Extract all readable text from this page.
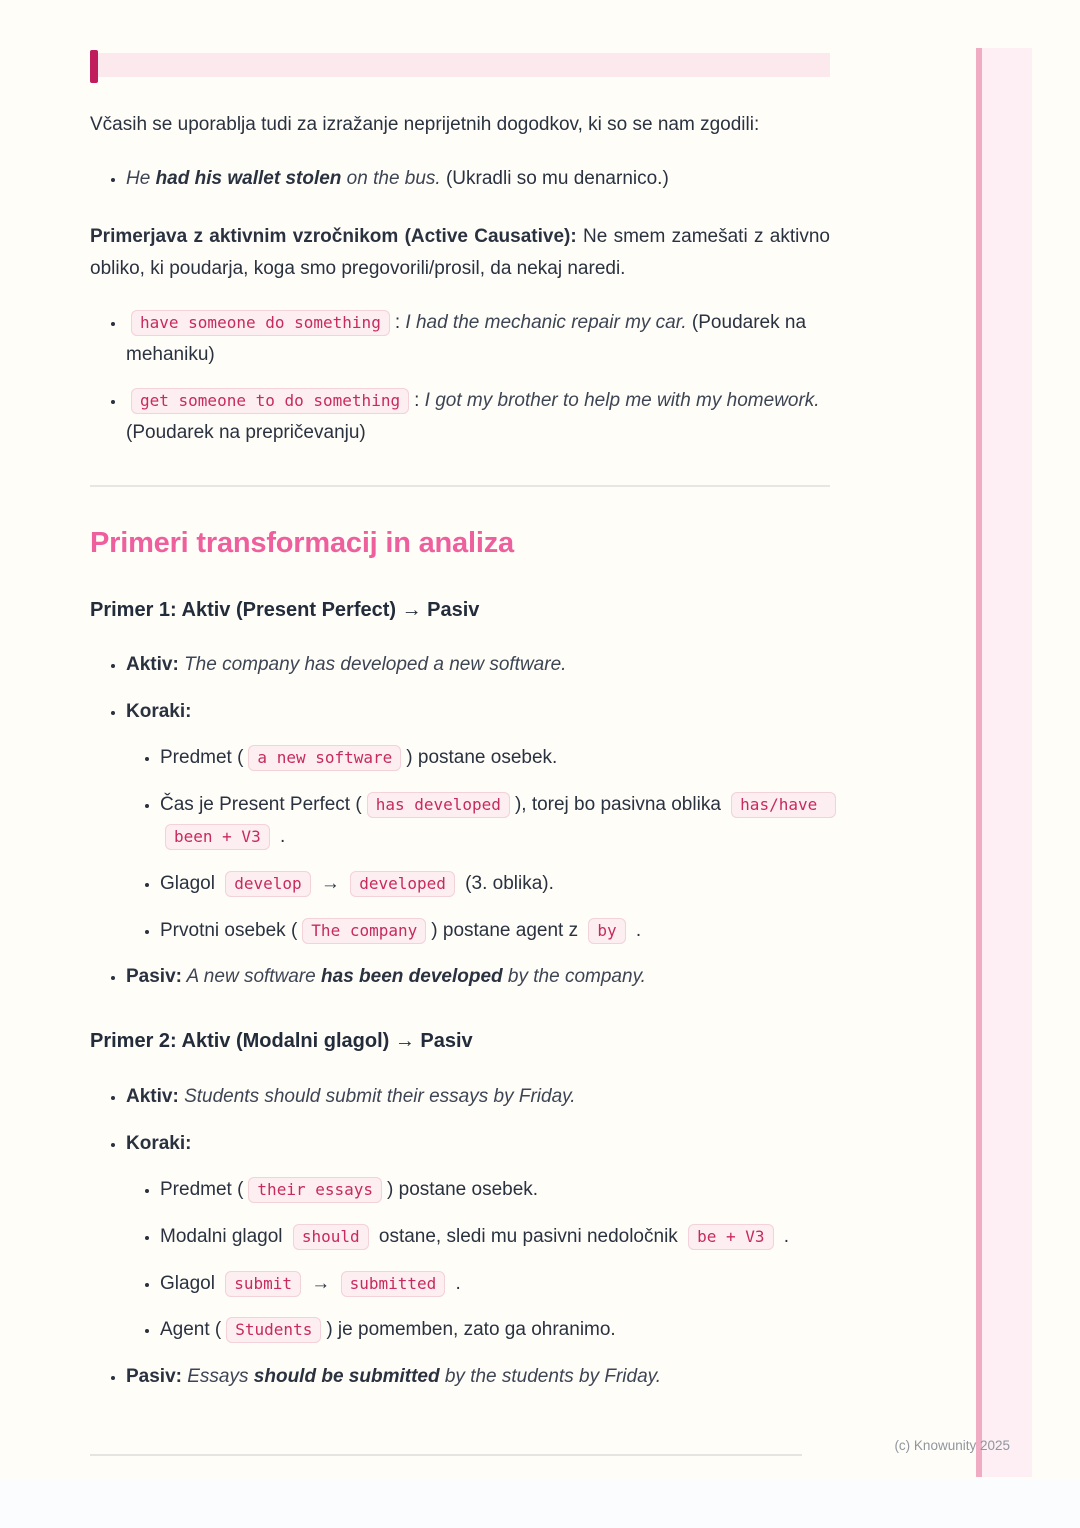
Včasih se uporablja tudi za izražanje neprijetnih dogodkov, ki so se nam zgodili:

• He had his wallet stolen on the bus. (Ukradli so mu denarnico.)

Primerjava z aktivnim vzročnikom (Active Causative): Ne smem zamešati z aktivno obliko, ki poudarja, koga smo pregovorili/prosil, da nekaj naredi.

• have someone do something : I had the mechanic repair my car. (Poudarek na mehaniku)
• get someone to do something : I got my brother to help me with my homework. (Poudarek na prepričevanju)
Primeri transformacij in analiza
Primer 1: Aktiv (Present Perfect) → Pasiv
• Aktiv: The company has developed a new software.
• Koraki:
• Predmet ( a new software ) postane osebek.
• Čas je Present Perfect ( has developed ), torej bo pasivna oblika has/have been + V3 .
• Glagol develop → developed (3. oblika).
• Prvotni osebek ( The company ) postane agent z by .
• Pasiv: A new software has been developed by the company.
Primer 2: Aktiv (Modalni glagol) → Pasiv
• Aktiv: Students should submit their essays by Friday.
• Koraki:
• Predmet ( their essays ) postane osebek.
• Modalni glagol should ostane, sledi mu pasivni nedoločnik be + V3 .
• Glagol submit → submitted .
• Agent ( Students ) je pomemben, zato ga ohranimo.
• Pasiv: Essays should be submitted by the students by Friday.
(c) Knowunity 2025
